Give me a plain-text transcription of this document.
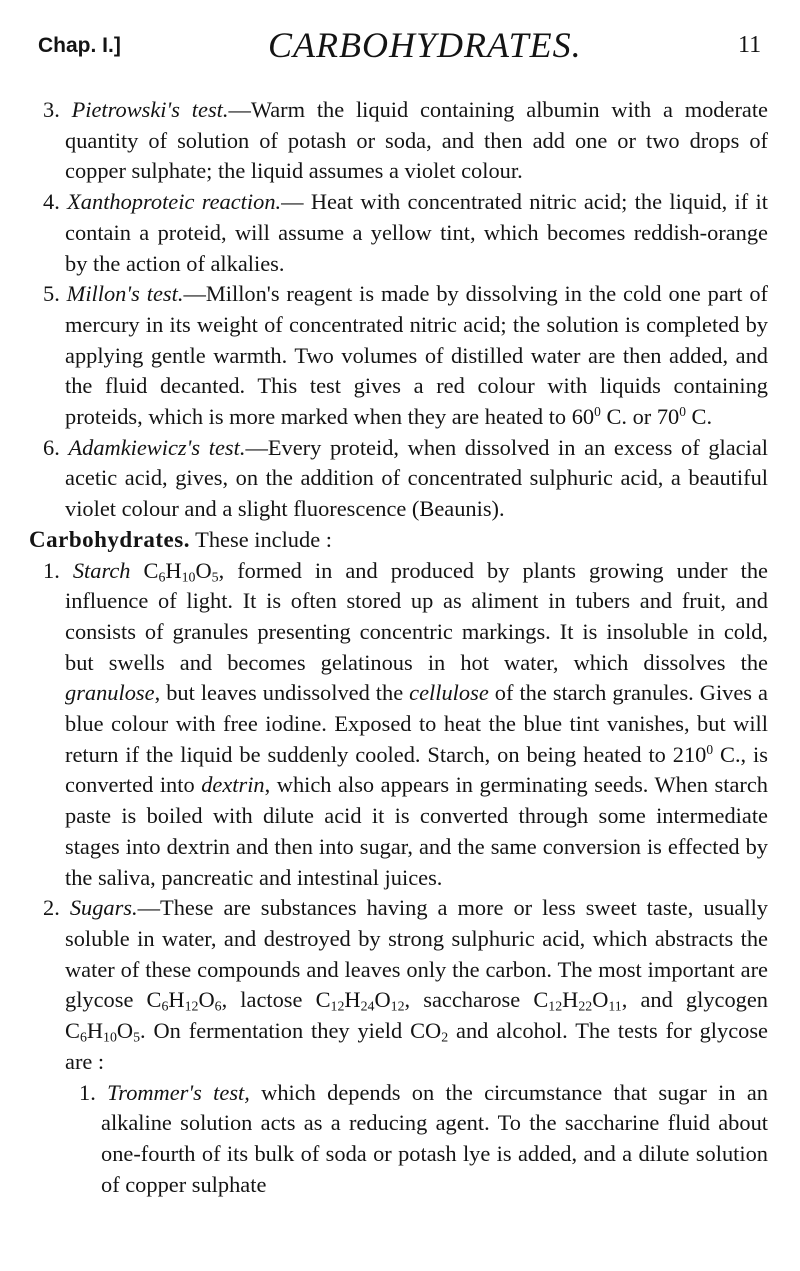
Chap. I.]	CARBOHYDRATES.	11

3. Pietrowski's test.—Warm the liquid containing albumin with a moderate quantity of solution of potash or soda, and then add one or two drops of copper sulphate; the liquid assumes a violet colour.

4. Xanthoproteic reaction.— Heat with concentrated nitric acid; the liquid, if it contain a proteid, will assume a yellow tint, which becomes reddish-orange by the action of alkalies.

5. Millon's test.—Millon's reagent is made by dissolving in the cold one part of mercury in its weight of concentrated nitric acid; the solution is completed by applying gentle warmth. Two volumes of distilled water are then added, and the fluid decanted. This test gives a red colour with liquids containing proteids, which is more marked when they are heated to $60^0$ C. or $70^0$ C.

6. Adamkiewicz's test.—Every proteid, when dissolved in an excess of glacial acetic acid, gives, on the addition of concentrated sulphuric acid, a beautiful violet colour and a slight fluorescence (Beaunis).

Carbohydrates. These include :

1. Starch $C_6H_{10}O_5$, formed in and produced by plants growing under the influence of light. It is often stored up as aliment in tubers and fruit, and consists of granules presenting concentric markings. It is insoluble in cold, but swells and becomes gelatinous in hot water, which dissolves the granulose, but leaves undissolved the cellulose of the starch granules. Gives a blue colour with free iodine. Exposed to heat the blue tint vanishes, but will return if the liquid be suddenly cooled. Starch, on being heated to $210^0$ C., is converted into dextrin, which also appears in germinating seeds. When starch paste is boiled with dilute acid it is converted through some intermediate stages into dextrin and then into sugar, and the same conversion is effected by the saliva, pancreatic and intestinal juices.

2. Sugars.—These are substances having a more or less sweet taste, usually soluble in water, and destroyed by strong sulphuric acid, which abstracts the water of these compounds and leaves only the carbon. The most important are glycose $C_6H_{12}O_6$, lactose $C_{12}H_{24}O_{12}$, saccharose $C_{12}H_{22}O_{11}$, and glycogen $C_6H_{10}O_5$. On fermentation they yield $CO_2$ and alcohol. The tests for glycose are :

1. Trommer's test, which depends on the circumstance that sugar in an alkaline solution acts as a reducing agent. To the saccharine fluid about one-fourth of its bulk of soda or potash lye is added, and a dilute solution of copper sulphate
